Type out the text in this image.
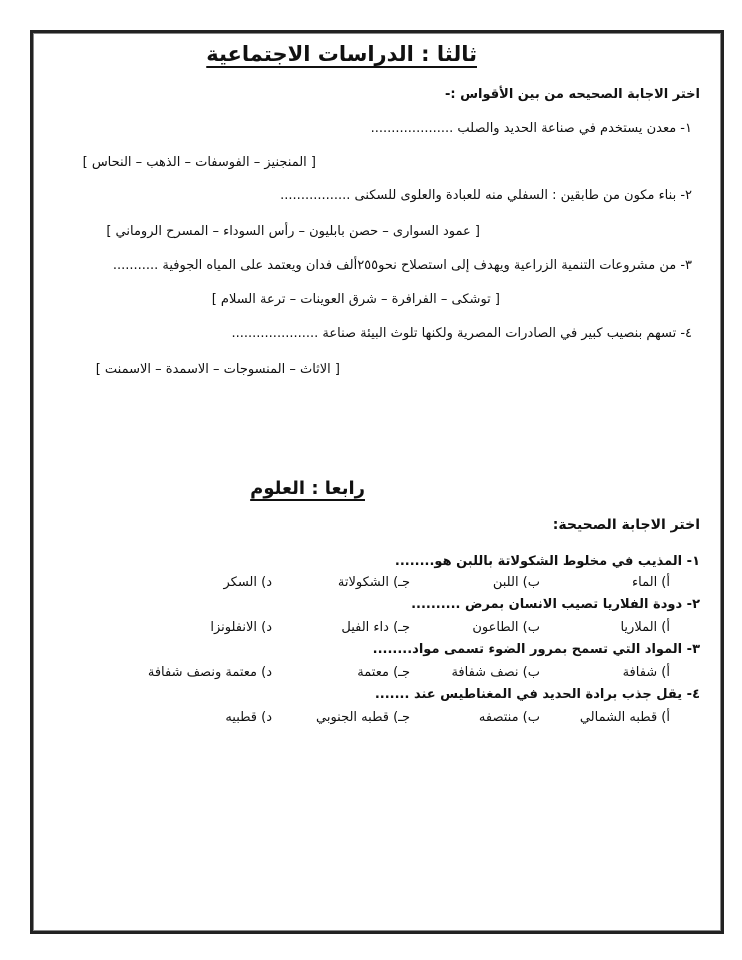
ثالثا : الدراسات الاجتماعية
اختر الاجابة الصحيحه من بين الأقواس :-
١- معدن يستخدم في صناعة الحديد والصلب ....................
[ المنجنيز – الفوسفات – الذهب – النحاس ]
٢- بناء مكون من طابقين : السفلي منه للعبادة والعلوى للسكنى .................
[ عمود السوارى – حصن بابليون – رأس السوداء – المسرح الروماني ]
٣- من مشروعات التنمية الزراعية ويهدف إلى استصلاح نحو٢٥٥ألف فدان ويعتمد على المياه الجوفية ...........
[ توشكى – الفرافرة – شرق العوينات – ترعة السلام ]
٤- تسهم بنصيب كبير في الصادرات المصرية ولكنها تلوث البيئة صناعة .....................
[ الاثاث – المنسوجات – الاسمدة – الاسمنت ]
رابعا : العلوم
اختر الاجابة الصحيحة:
١- المذيب في مخلوط الشكولاتة باللبن هو........
أ) الماء
ب) اللبن
جـ) الشكولاتة
د) السكر
٢- دودة الفلاريا تصيب الانسان بمرض ..........
أ) الملاريا
ب) الطاعون
جـ) داء الفيل
د) الانفلونزا
٣- المواد التي تسمح بمرور الضوء تسمى مواد........
أ) شفافة
ب) نصف شفافة
جـ) معتمة
د) معتمة ونصف شفافة
٤- يقل جذب برادة الحديد في المغناطيس عند .......
أ) قطبه الشمالي
ب) منتصفه
جـ) قطبه الجنوبي
د) قطبيه
